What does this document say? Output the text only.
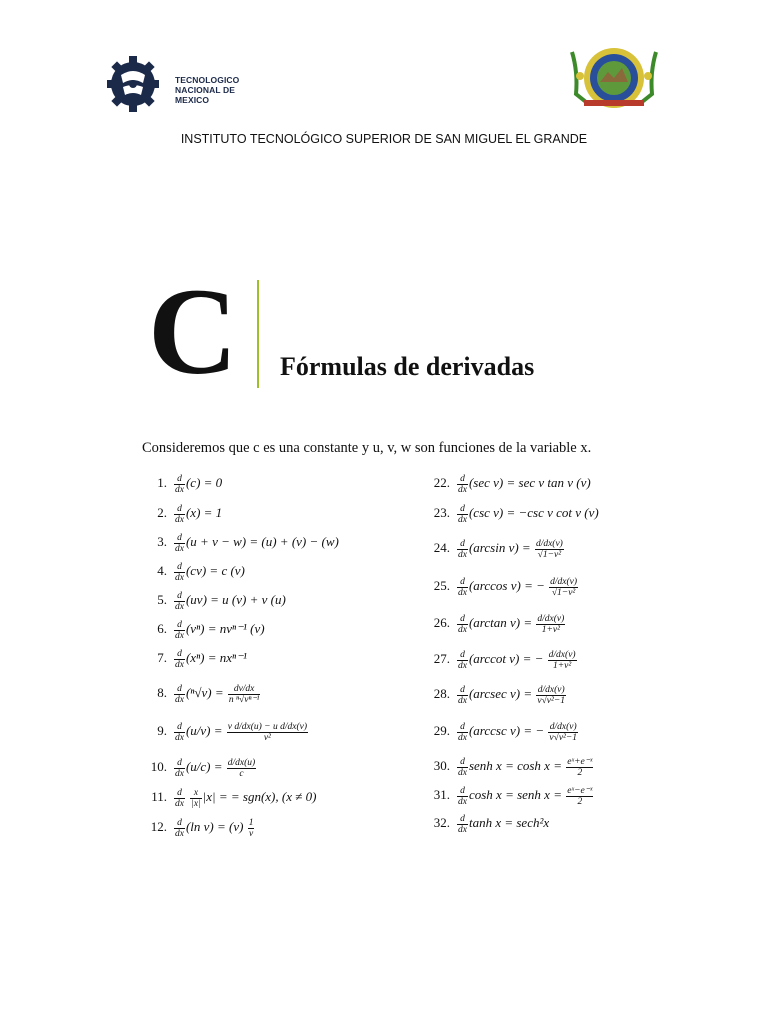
TECNOLOGICO
NACIONAL DE MEXICO
INSTITUTO TECNOLÓGICO SUPERIOR DE SAN MIGUEL EL GRANDE
C Fórmulas de derivadas
Consideremos que c es una constante y u, v, w son funciones de la variable x.
1. $\frac{d}{dx} (c) = 0$
2. $\frac{d}{dx} (x) = 1$
3. $\frac{d}{dx} (u + v - w) = (u) + (v) - (w)$
4. $\frac{d}{dx} (cv) = c$ (v)
5. $\frac{d}{dx} (uv) = u$ (v) + v (u)
6. $\frac{d}{dx} (v^n) = nv^{n-1}$ (v)
7. $\frac{d}{dx} (x^n) = nx^{n-1}$
8. $\frac{d}{dx} (^n√v) = \frac{dv/dx}{\text{n ⁿ√vⁿ⁻¹}}$
9. $\frac{d}{dx} (u/v) = \frac{\text{v d/dx(u) − u d/dx(v)}}{\text{v²}}$
10. $\frac{d}{dx} (u/c) = \frac{d/dx(u)}{c}$
11. $\frac{d}{dx}$
$\frac{x}{|x|} |x|$ = = sgn(x), (x ≠ 0)
12. $\frac{d}{dx} (\ln$ $v) = (v) \frac{1}{v}$
22. $\frac{d}{dx} (\sec$ v) = sec v tan v (v)
23. $\frac{d}{dx} (\csc$ v) = −csc v cot v (v)
24. $\frac{d}{dx} (\arcsin$ $v) = \frac{d/dx(v)}{\text{√1−v²}}$
25. $\frac{d}{dx} (\arccos$ v) = − $\frac{d/dx(v)}{\text{√1−v²}}$
26. $\frac{d}{dx} (\arctan$ $v) = \frac{d/dx(v)}{\text{1+v²}}$
27. $\frac{d}{dx} (arccot$ v) = − $\frac{d/dx(v)}{\text{1+v²}}$
28. $\frac{d}{dx} (arcsec$ $v) = \frac{d/dx(v)}{\text{v√v²−1}}$
29. $\frac{d}{dx} (arccsc$ v) = − $\frac{d/dx(v)}{\text{v√v²−1}}$
30. $\frac{d}{dx}$ senh $x = \cosh x = \frac{\text{eˣ+e⁻ˣ}}{2}$
31. $\frac{d}{dx}$ cosh x = senh $x = \frac{\text{eˣ−e⁻ˣ}}{2}$
32. $\frac{d}{dx}$ tanh x = sech²x
